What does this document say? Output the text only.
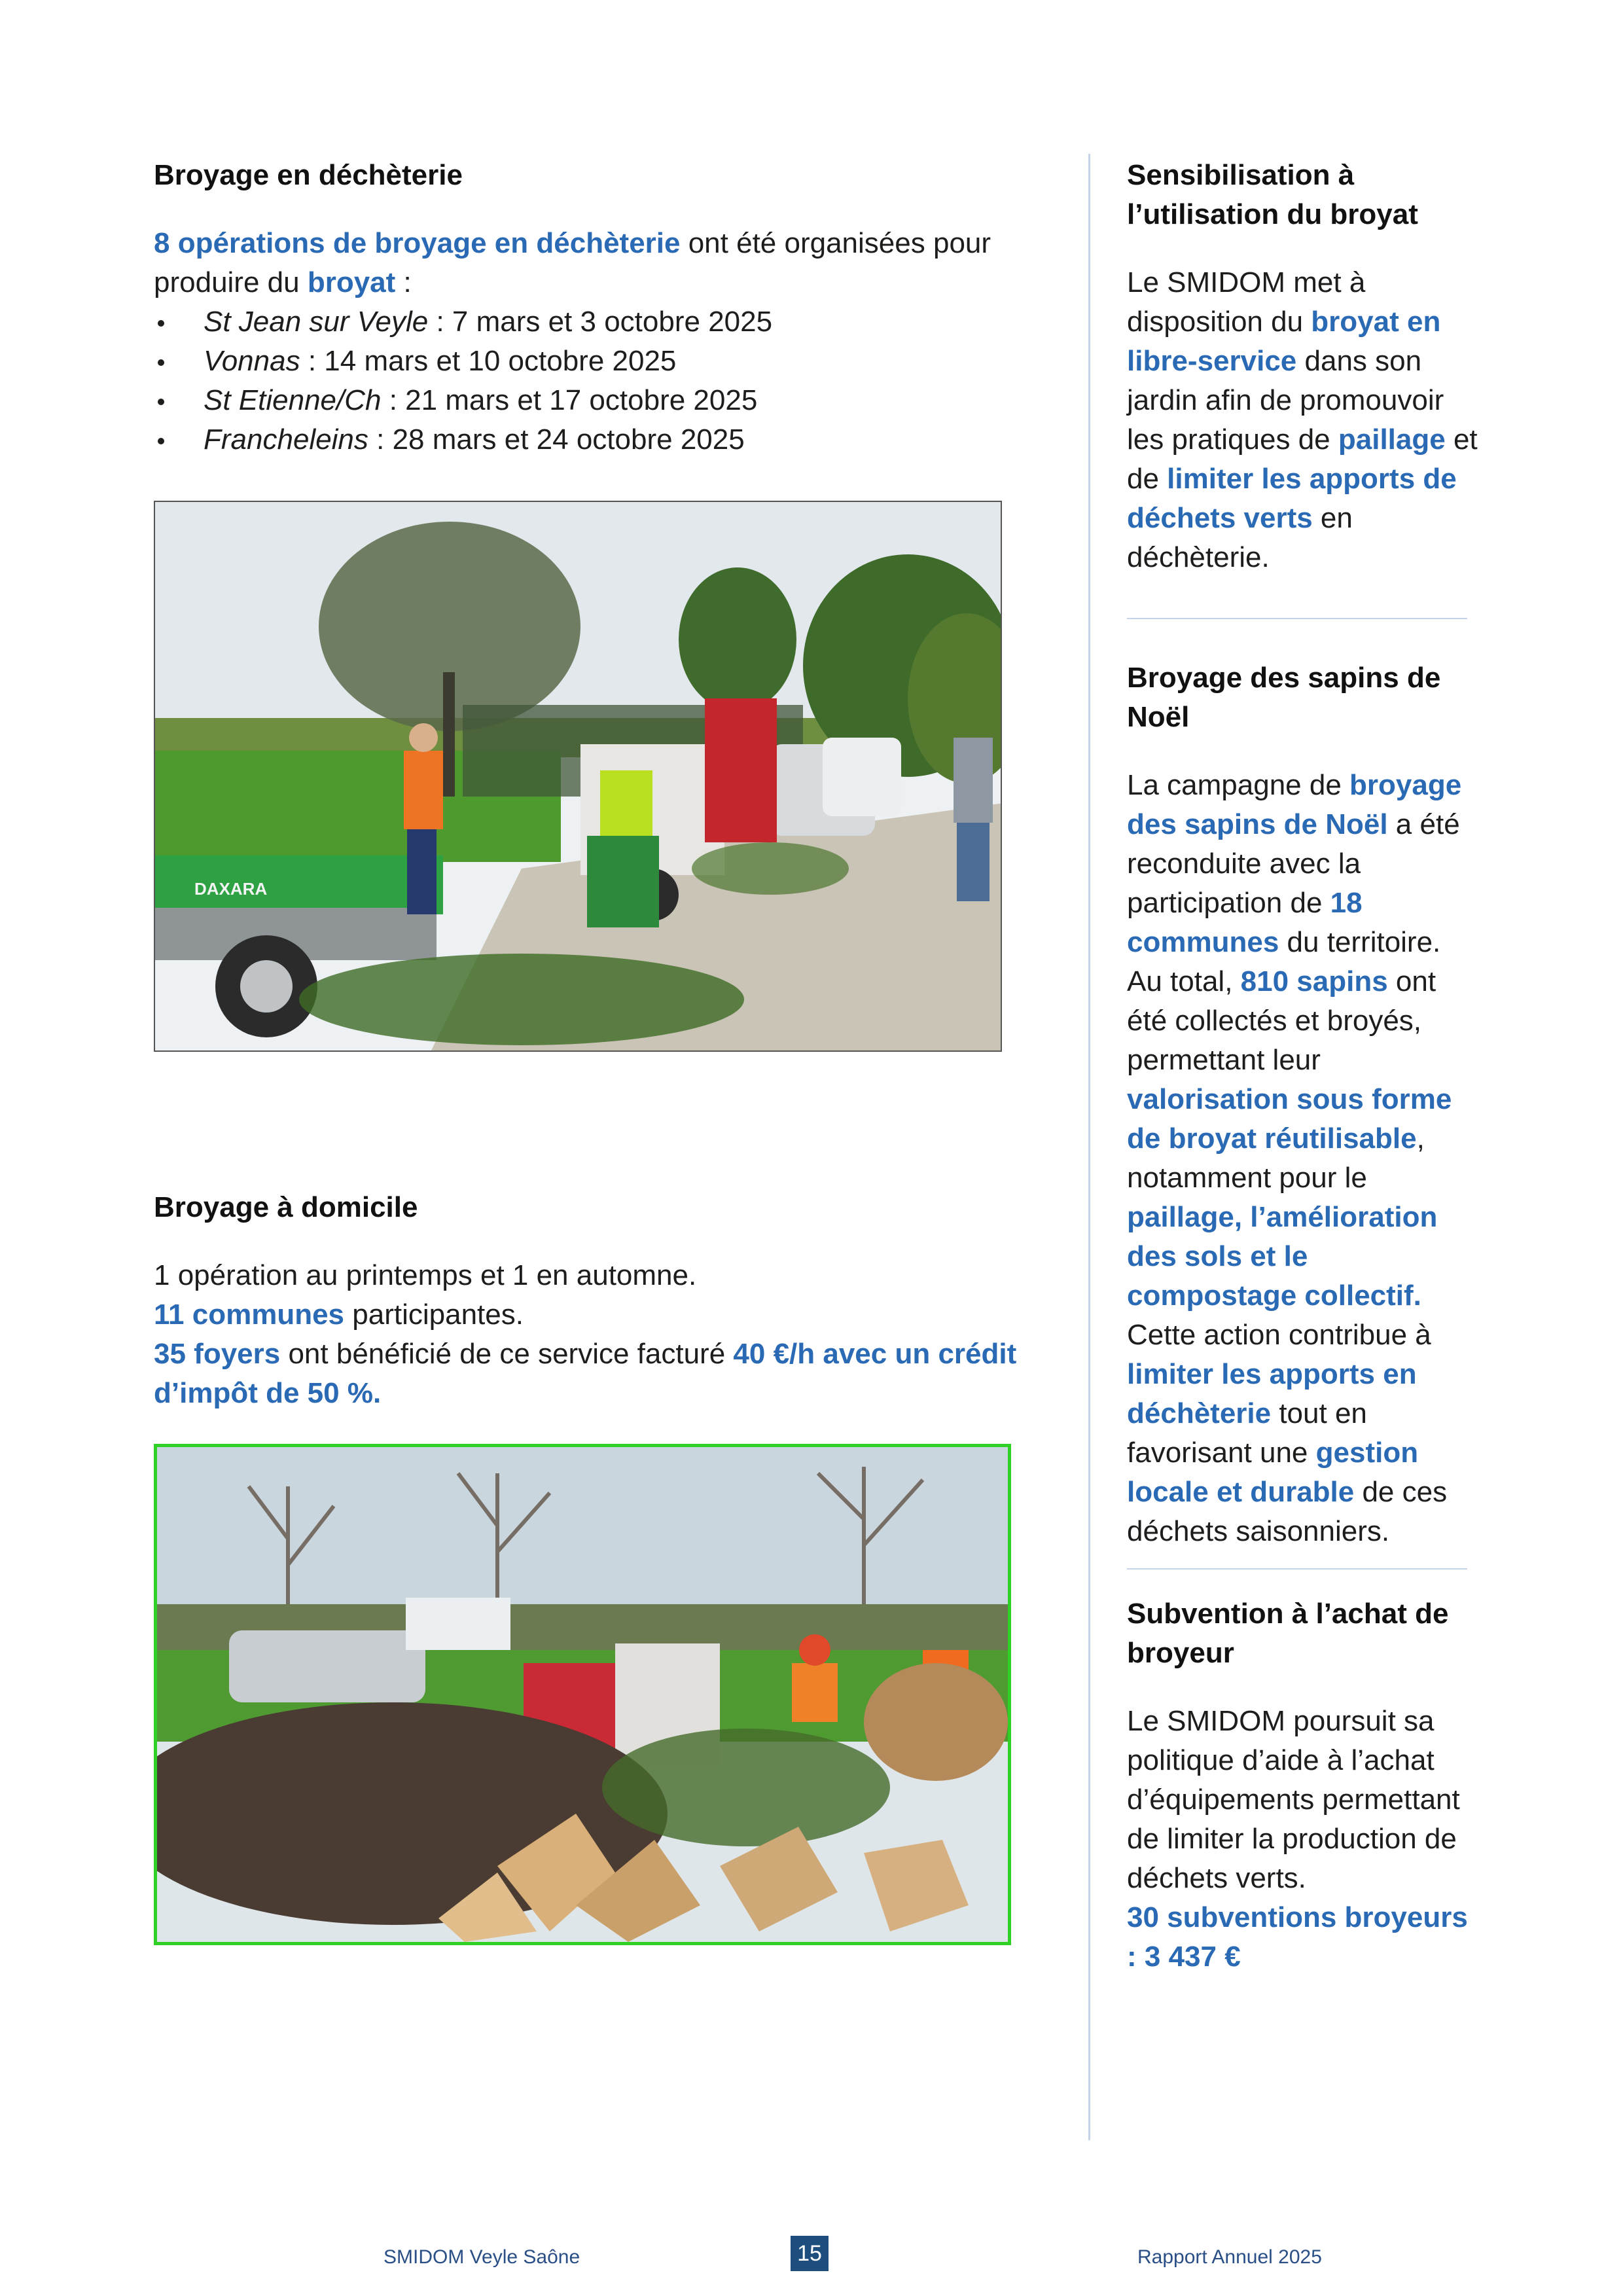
Broyage en déchèterie

8 opérations de broyage en déchèterie ont été organisées pour produire du broyat :

St Jean sur Veyle : 7 mars et 3 octobre 2025
Vonnas : 14 mars et 10 octobre 2025
St Etienne/Ch : 21 mars et 17 octobre 2025
Francheleins : 28 mars et 24 octobre 2025
DAXARA
Broyage à domicile

1 opération au printemps et 1 en automne.

11 communes participantes.

35 foyers ont bénéficié de ce service facturé 40 €/h avec un crédit d’impôt de 50 %.

Sensibilisation à l’utilisation du broyat

Le SMIDOM met à disposition du broyat en libre-service dans son jardin afin de promouvoir les pratiques de paillage et de limiter les apports de déchets verts en déchèterie.

Broyage des sapins de Noël

La campagne de broyage des sapins de Noël a été reconduite avec la participation de 18 communes du territoire. Au total, 810 sapins ont été collectés et broyés, permettant leur valorisation sous forme de broyat réutilisable, notamment pour le paillage, l’amélioration des sols et le compostage collectif. Cette action contribue à limiter les apports en déchèterie tout en favorisant une gestion locale et durable de ces déchets saisonniers.

Subvention à l’achat de broyeur

Le SMIDOM poursuit sa politique d’aide à l’achat d’équipements permettant de limiter la production de déchets verts.

30 subventions broyeurs : 3 437 €

SMIDOM Veyle Saône	15	Rapport Annuel 2025
